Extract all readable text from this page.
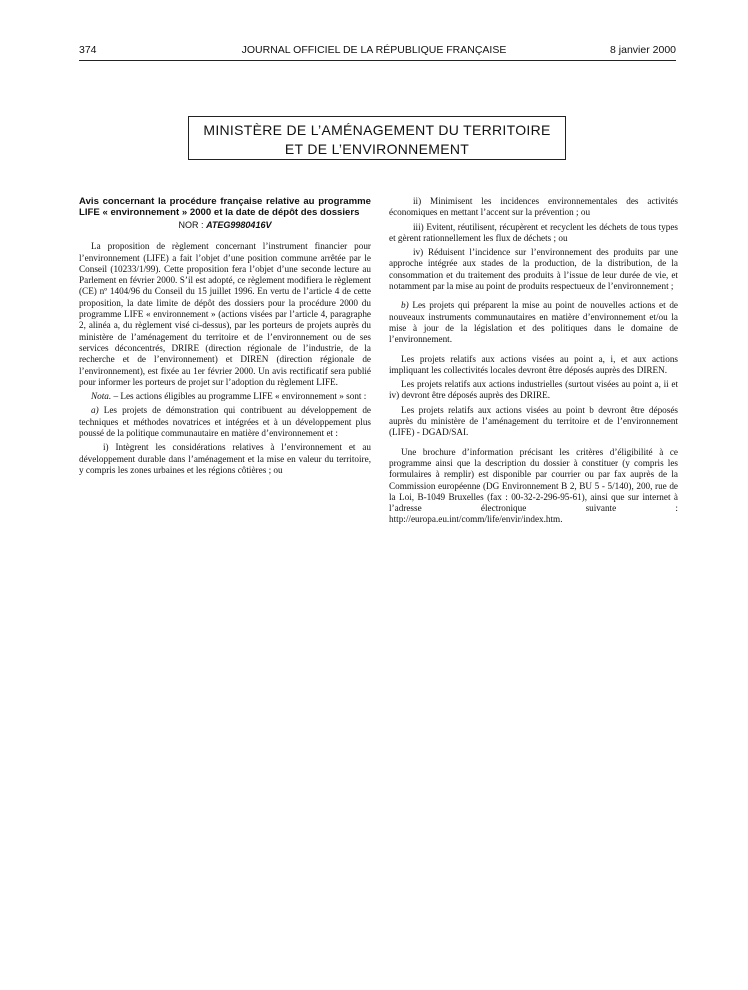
374	JOURNAL OFFICIEL DE LA RÉPUBLIQUE FRANÇAISE	8 janvier 2000
MINISTÈRE DE L’AMÉNAGEMENT DU TERRITOIRE
ET DE L’ENVIRONNEMENT

Avis concernant la procédure française relative au programme LIFE « environnement » 2000 et la date de dépôt des dossiers

NOR : ATEG9980416V

La proposition de règlement concernant l’instrument financier pour l’environnement (LIFE) a fait l’objet d’une position commune arrêtée par le Conseil (10233/1/99). Cette proposition fera l’objet d’une seconde lecture au Parlement en février 2000. S’il est adopté, ce règlement modifiera le règlement (CE) nº 1404/96 du Conseil du 15 juillet 1996. En vertu de l’article 4 de cette proposition, la date limite de dépôt des dossiers pour la procédure 2000 du programme LIFE « environnement » (actions visées par l’article 4, paragraphe 2, alinéa a, du règlement visé ci-dessus), par les porteurs de projets auprès du ministère de l’aménagement du territoire et de l’environnement ou de ses services déconcentrés, DRIRE (direction régionale de l’industrie, de la recherche et de l’environnement) et DIREN (direction régionale de l’environnement), est fixée au 1er février 2000. Un avis rectificatif sera publié pour informer les porteurs de projet sur l’adoption du règlement LIFE.

Nota. – Les actions éligibles au programme LIFE « environnement » sont :

a) Les projets de démonstration qui contribuent au développement de techniques et méthodes novatrices et intégrées et à un développement plus poussé de la politique communautaire en matière d’environnement et :

i) Intègrent les considérations relatives à l’environnement et au développement durable dans l’aménagement et la mise en valeur du territoire, y compris les zones urbaines et les régions côtières ; ou

ii) Minimisent les incidences environnementales des activités économiques en mettant l’accent sur la prévention ; ou

iii) Evitent, réutilisent, récupèrent et recyclent les déchets de tous types et gèrent rationnellement les flux de déchets ; ou

iv) Réduisent l’incidence sur l’environnement des produits par une approche intégrée aux stades de la production, de la distribution, de la consommation et du traitement des produits à l’issue de leur durée de vie, et notamment par la mise au point de produits respectueux de l’environnement ;

b) Les projets qui préparent la mise au point de nouvelles actions et de nouveaux instruments communautaires en matière d’environnement et/ou la mise à jour de la législation et des politiques dans le domaine de l’environnement.

Les projets relatifs aux actions visées au point a, i, et aux actions impliquant les collectivités locales devront être déposés auprès des DIREN.

Les projets relatifs aux actions industrielles (surtout visées au point a, ii et iv) devront être déposés auprès des DRIRE.

Les projets relatifs aux actions visées au point b devront être déposés auprès du ministère de l’aménagement du territoire et de l’environnement (LIFE) - DGAD/SAI.

Une brochure d’information précisant les critères d’éligibilité à ce programme ainsi que la description du dossier à constituer (y compris les formulaires à remplir) est disponible par courrier ou par fax auprès de la Commission européenne (DG Environnement B 2, BU 5 - 5/140), 200, rue de la Loi, B-1049 Bruxelles (fax : 00-32-2-296-95-61), ainsi que sur internet à l’adresse électronique suivante : http://europa.eu.int/comm/life/envir/index.htm.
